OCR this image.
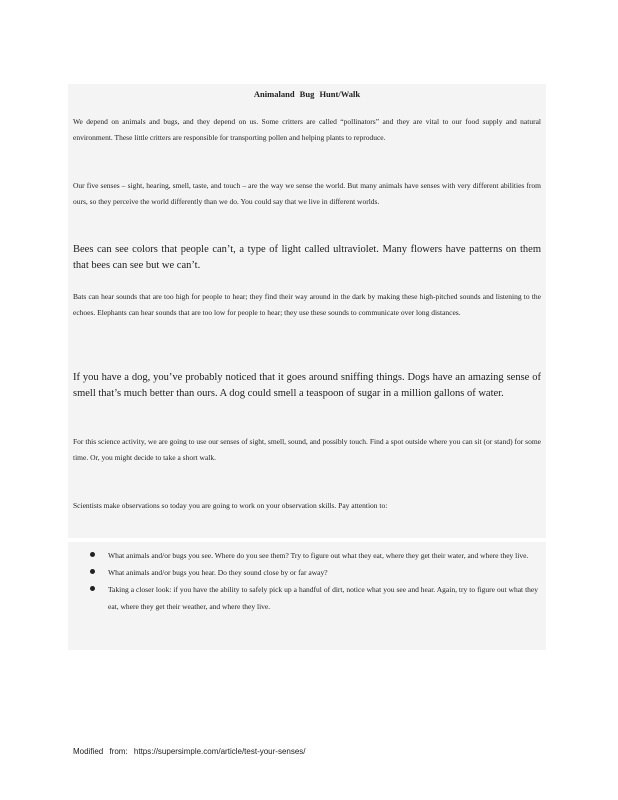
Animaland Bug Hunt/Walk

We depend on animals and bugs, and they depend on us. Some critters are called “pollinators” and they are vital to our food supply and natural environment. These little critters are responsible for transporting pollen and helping plants to reproduce.

Our five senses – sight, hearing, smell, taste, and touch – are the way we sense the world. But many animals have senses with very different abilities from ours, so they perceive the world differently than we do. You could say that we live in different worlds.

Bees can see colors that people can’t, a type of light called ultraviolet. Many flowers have patterns on them that bees can see but we can’t.

Bats can hear sounds that are too high for people to hear; they find their way around in the dark by making these high-pitched sounds and listening to the echoes. Elephants can hear sounds that are too low for people to hear; they use these sounds to communicate over long distances.

If you have a dog, you’ve probably noticed that it goes around sniffing things. Dogs have an amazing sense of smell that’s much better than ours. A dog could smell a teaspoon of sugar in a million gallons of water.

For this science activity, we are going to use our senses of sight, smell, sound, and possibly touch. Find a spot outside where you can sit (or stand) for some time. Or, you might decide to take a short walk.

Scientists make observations so today you are going to work on your observation skills. Pay attention to:

What animals and/or bugs you see. Where do you see them? Try to figure out what they eat, where they get their water, and where they live.
What animals and/or bugs you hear. Do they sound close by or far away?
Taking a closer look: if you have the ability to safely pick up a handful of dirt, notice what you see and hear. Again, try to figure out what they eat, where they get their weather, and where they live.
Modified from: https://supersimple.com/article/test-your-senses/
